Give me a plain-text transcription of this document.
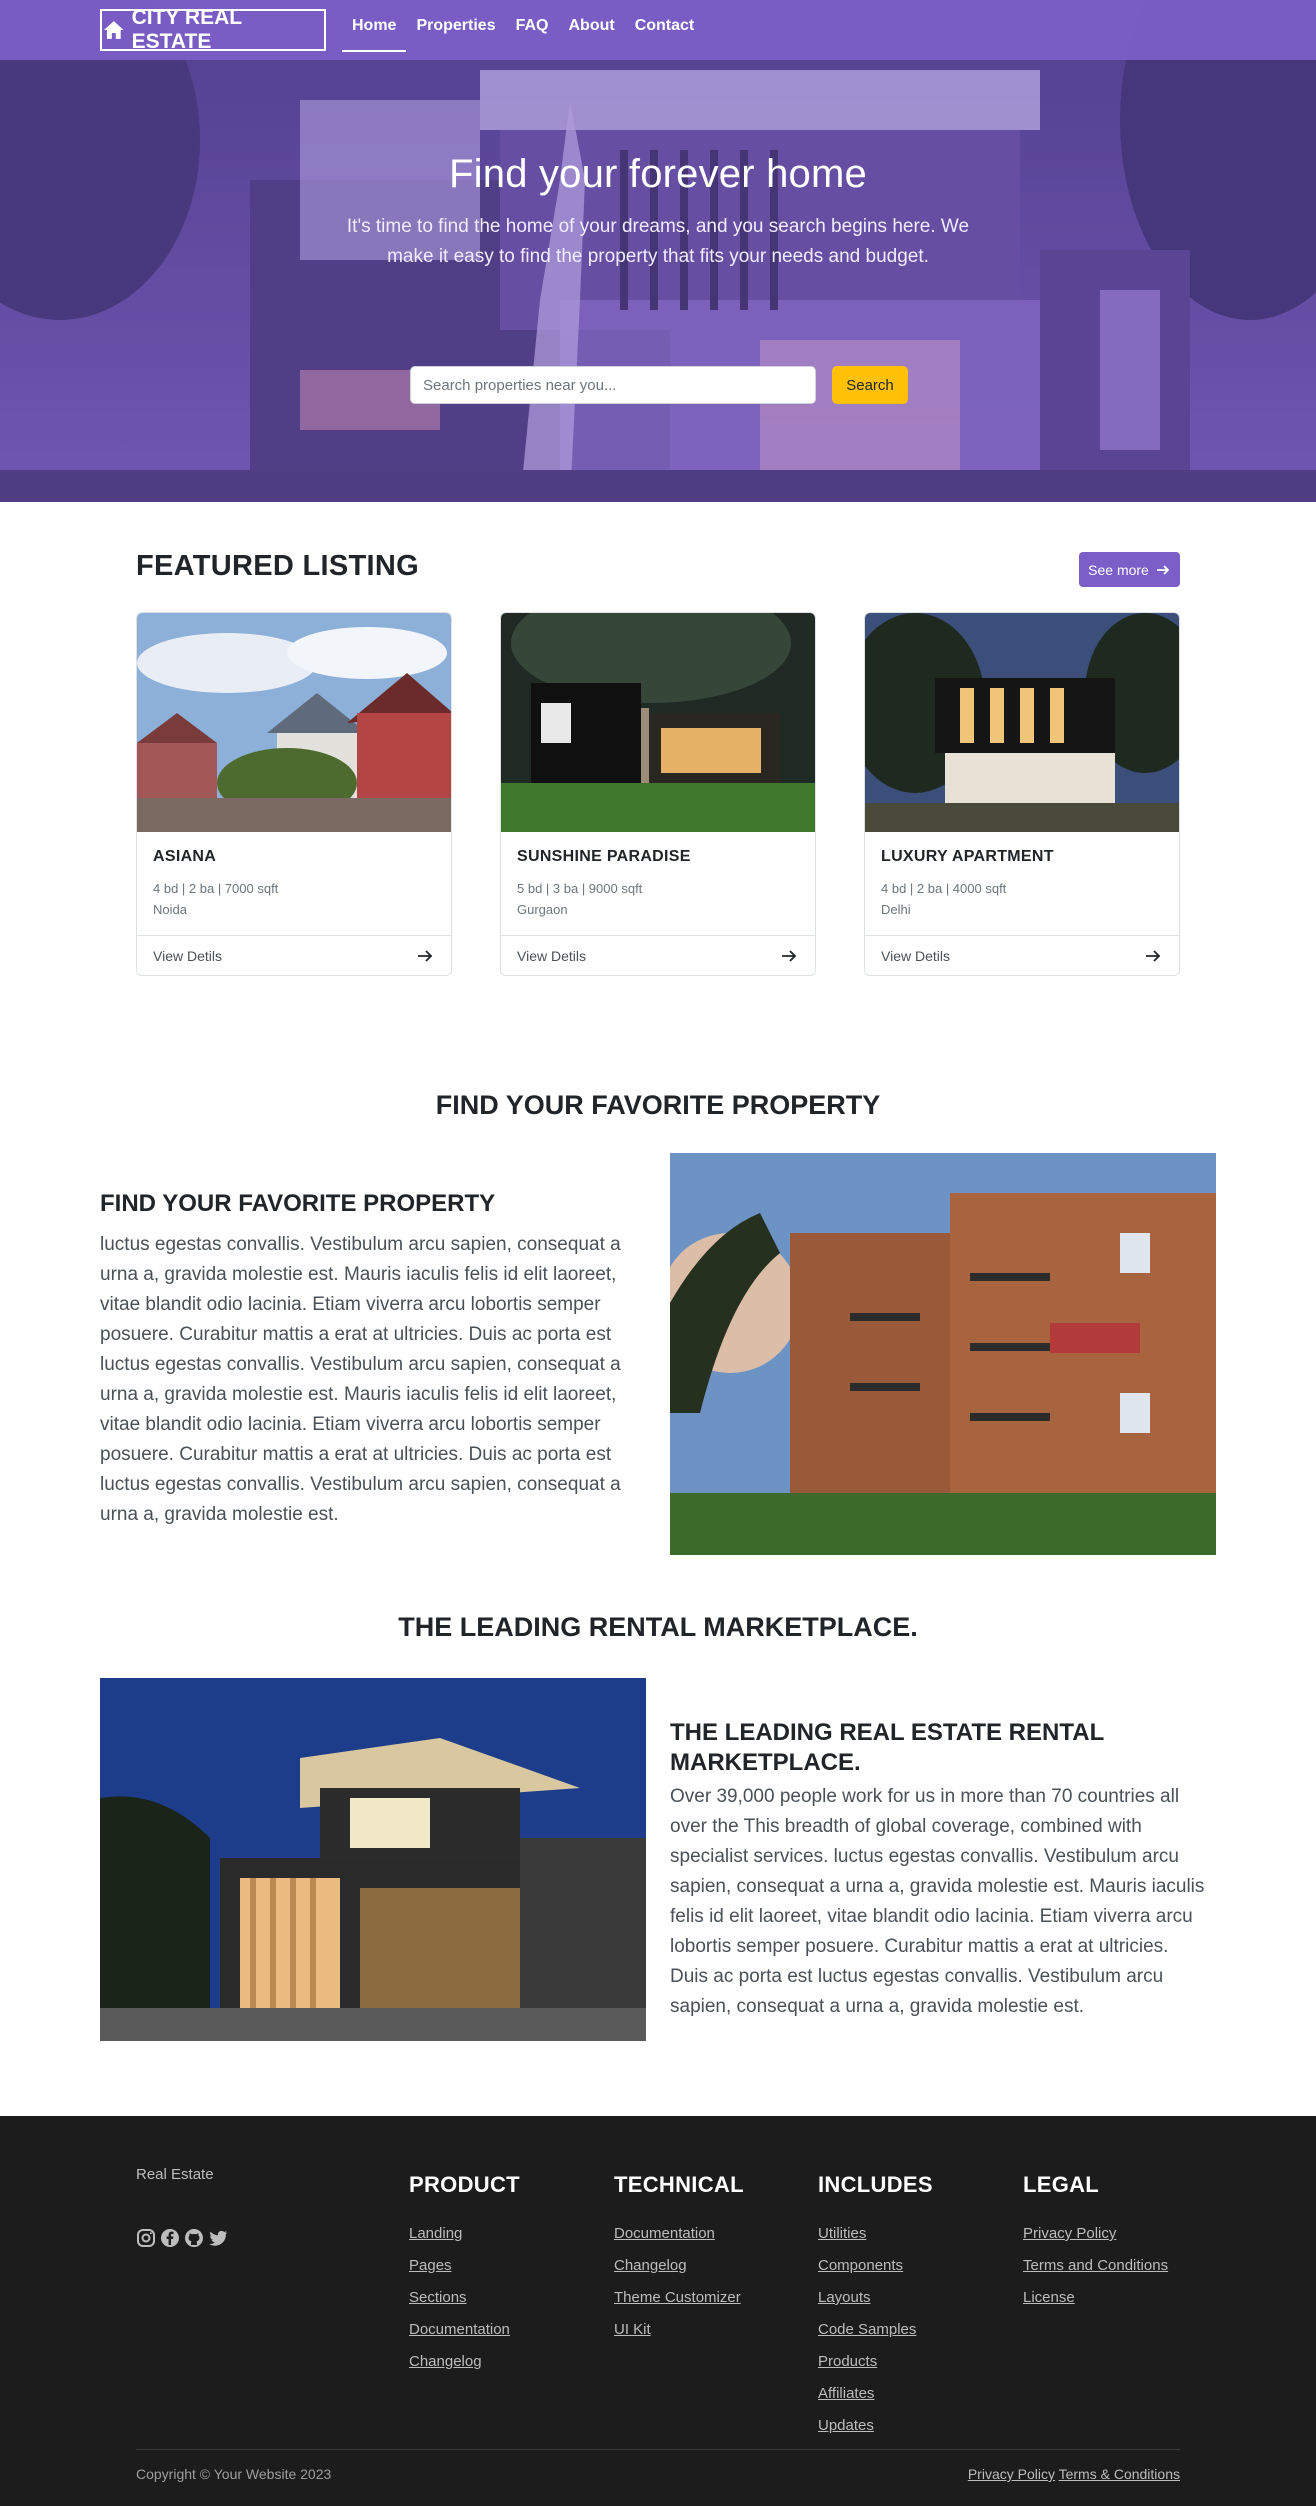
CITY REAL ESTATE
Home	Properties	FAQ	About	Contact
Find your forever home

It's time to find the home of your dreams, and you search begins here. We make it easy to find the property that fits your needs and budget.

Search properties near you...
Search
FEATURED LISTING	See more
ASIANA
4 bd | 2 ba | 7000 sqft
Noida
View Detils
SUNSHINE PARADISE
5 bd | 3 ba | 9000 sqft
Gurgaon
View Detils
LUXURY APARTMENT
4 bd | 2 ba | 4000 sqft
Delhi
View Detils
FIND YOUR FAVORITE PROPERTY
FIND YOUR FAVORITE PROPERTY

luctus egestas convallis. Vestibulum arcu sapien, consequat a urna a, gravida molestie est. Mauris iaculis felis id elit laoreet, vitae blandit odio lacinia. Etiam viverra arcu lobortis semper posuere. Curabitur mattis a erat at ultricies. Duis ac porta est luctus egestas convallis. Vestibulum arcu sapien, consequat a urna a, gravida molestie est. Mauris iaculis felis id elit laoreet, vitae blandit odio lacinia. Etiam viverra arcu lobortis semper posuere. Curabitur mattis a erat at ultricies. Duis ac porta est luctus egestas convallis. Vestibulum arcu sapien, consequat a urna a, gravida molestie est.

THE LEADING RENTAL MARKETPLACE.
THE LEADING REAL ESTATE RENTAL MARKETPLACE.

Over 39,000 people work for us in more than 70 countries all over the This breadth of global coverage, combined with specialist services. luctus egestas convallis. Vestibulum arcu sapien, consequat a urna a, gravida molestie est. Mauris iaculis felis id elit laoreet, vitae blandit odio lacinia. Etiam viverra arcu lobortis semper posuere. Curabitur mattis a erat at ultricies. Duis ac porta est luctus egestas convallis. Vestibulum arcu sapien, consequat a urna a, gravida molestie est.

Real Estate	PRODUCT
Landing
Pages
Sections
Documentation
Changelog
TECHNICAL
Documentation
Changelog
Theme Customizer
UI Kit
INCLUDES
Utilities
Components
Layouts
Code Samples
Products
Affiliates
Updates
LEGAL
Privacy Policy
Terms and Conditions
License
Copyright © Your Website 2023	Privacy Policy Terms & Conditions
